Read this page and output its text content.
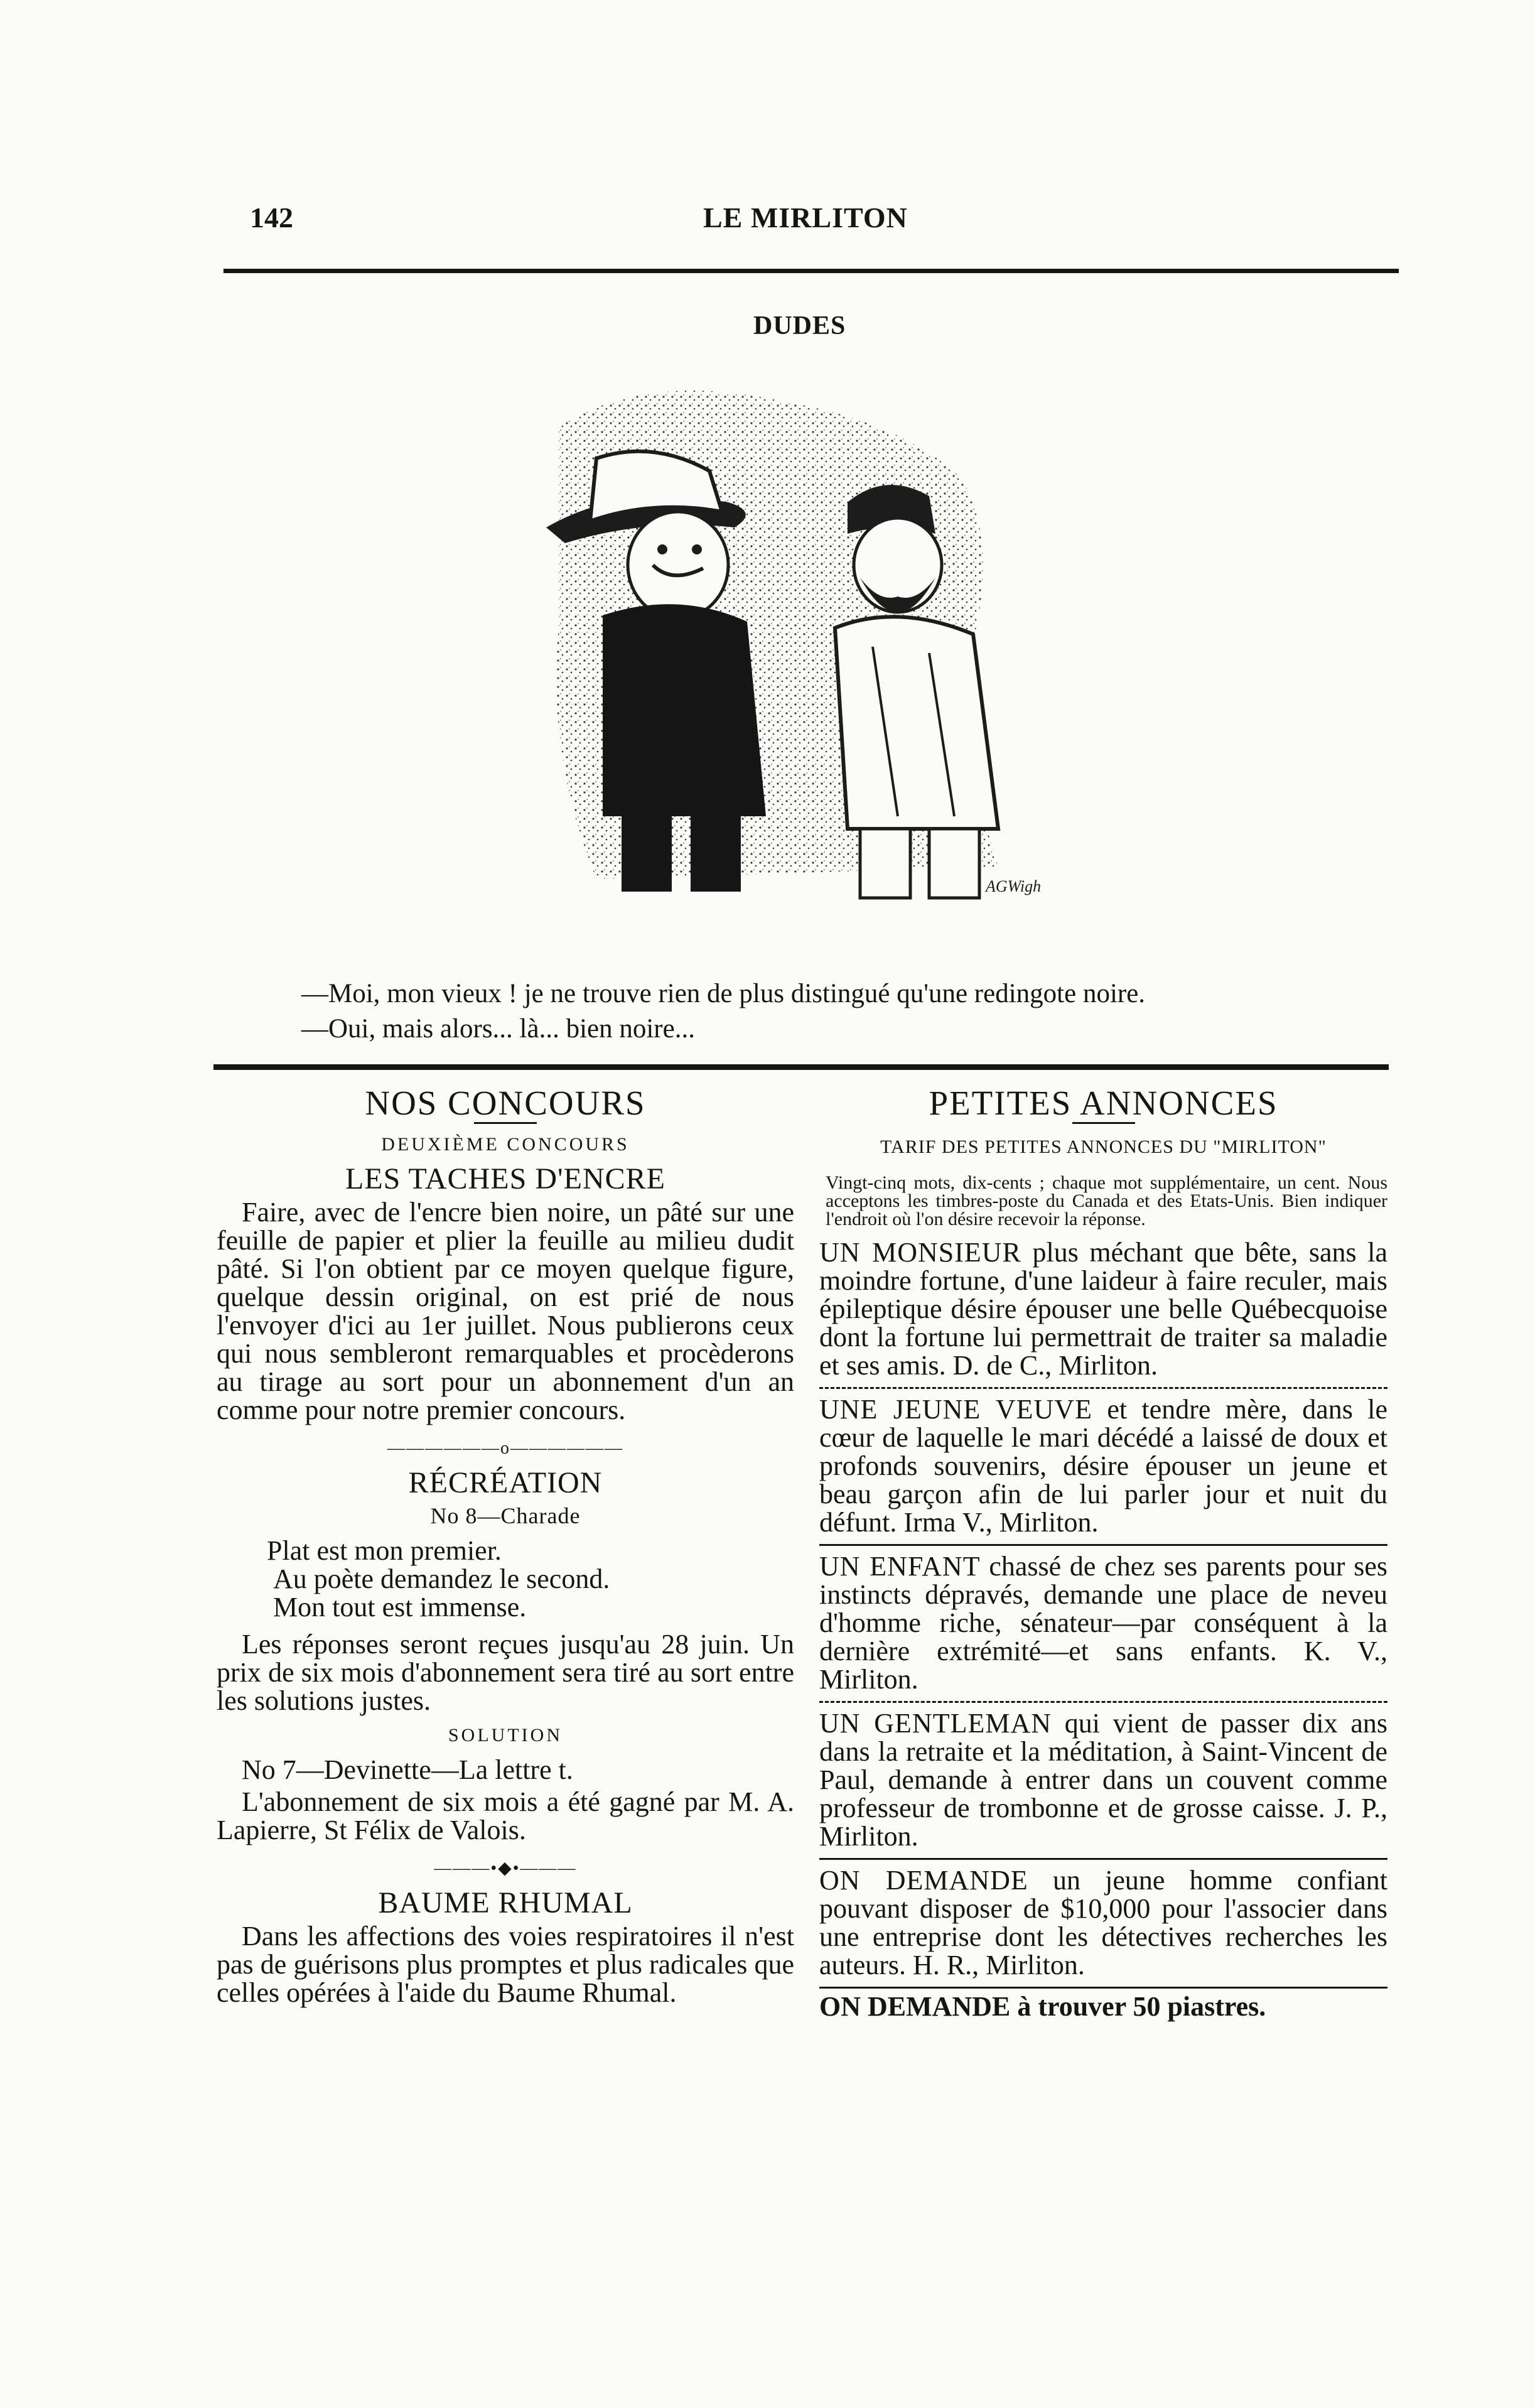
142	LE MIRLITON
DUDES
AGWigh
—Moi, mon vieux ! je ne trouve rien de plus distingué qu'une redingote noire.
—Oui, mais alors... là... bien noire...
NOS CONCOURS
DEUXIÈME CONCOURS
LES TACHES D'ENCRE

Faire, avec de l'encre bien noire, un pâté sur une feuille de papier et plier la feuille au milieu dudit pâté. Si l'on obtient par ce moyen quelque figure, quelque dessin original, on est prié de nous l'envoyer d'ici au 1er juillet. Nous publierons ceux qui nous sembleront remarquables et procèderons au tirage au sort pour un abonnement d'un an comme pour notre premier concours.

——————o——————
RÉCRÉATION
No 8—Charade
Plat est mon premier.
Au poète demandez le second.
Mon tout est immense.

Les réponses seront reçues jusqu'au 28 juin. Un prix de six mois d'abonnement sera tiré au sort entre les solutions justes.

SOLUTION

No 7—Devinette—La lettre t.

L'abonnement de six mois a été gagné par M. A. Lapierre, St Félix de Valois.

———•◆•———
BAUME RHUMAL

Dans les affections des voies respiratoires il n'est pas de guérisons plus promptes et plus radicales que celles opérées à l'aide du Baume Rhumal.

PETITES ANNONCES
TARIF DES PETITES ANNONCES DU "MIRLITON"

Vingt-cinq mots, dix-cents ; chaque mot supplémentaire, un cent. Nous acceptons les timbres-poste du Canada et des Etats-Unis. Bien indiquer l'endroit où l'on désire recevoir la réponse.

UN MONSIEUR plus méchant que bête, sans la moindre fortune, d'une laideur à faire reculer, mais épileptique désire épouser une belle Québecquoise dont la fortune lui permettrait de traiter sa maladie et ses amis. D. de C., Mirliton.
UNE JEUNE VEUVE et tendre mère, dans le cœur de laquelle le mari décédé a laissé de doux et profonds souvenirs, désire épouser un jeune et beau garçon afin de lui parler jour et nuit du défunt. Irma V., Mirliton.
UN ENFANT chassé de chez ses parents pour ses instincts dépravés, demande une place de neveu d'homme riche, sénateur—par conséquent à la dernière extrémité—et sans enfants. K. V., Mirliton.
UN GENTLEMAN qui vient de passer dix ans dans la retraite et la méditation, à Saint-Vincent de Paul, demande à entrer dans un couvent comme professeur de trombonne et de grosse caisse. J. P., Mirliton.
ON DEMANDE un jeune homme confiant pouvant disposer de $10,000 pour l'associer dans une entreprise dont les détectives recherches les auteurs. H. R., Mirliton.
ON DEMANDE à trouver 50 piastres.
